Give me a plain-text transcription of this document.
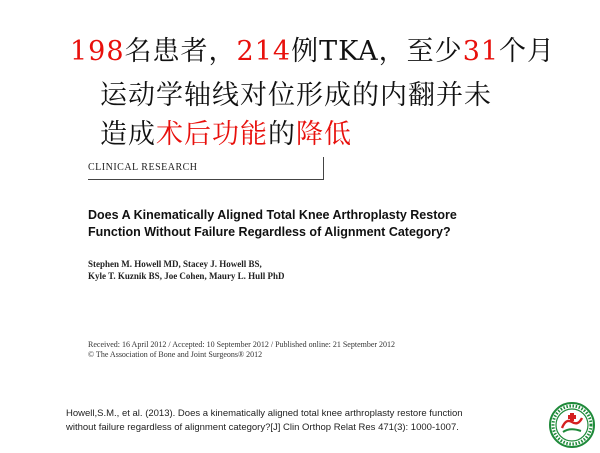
198名患者，214例TKA，至少31个月
运动学轴线对位形成的内翻并未
造成术后功能的降低
CLINICAL RESEARCH
Does A Kinematically Aligned Total Knee Arthroplasty Restore
Function Without Failure Regardless of Alignment Category?
Stephen M. Howell MD, Stacey J. Howell BS,
Kyle T. Kuznik BS, Joe Cohen, Maury L. Hull PhD
Received: 16 April 2012 / Accepted: 10 September 2012 / Published online: 21 September 2012
© The Association of Bone and Joint Surgeons® 2012
Howell,S.M., et al. (2013). Does a kinematically aligned total knee arthroplasty restore function
without failure regardless of alignment category?[J] Clin Orthop Relat Res 471(3): 1000-1007.
